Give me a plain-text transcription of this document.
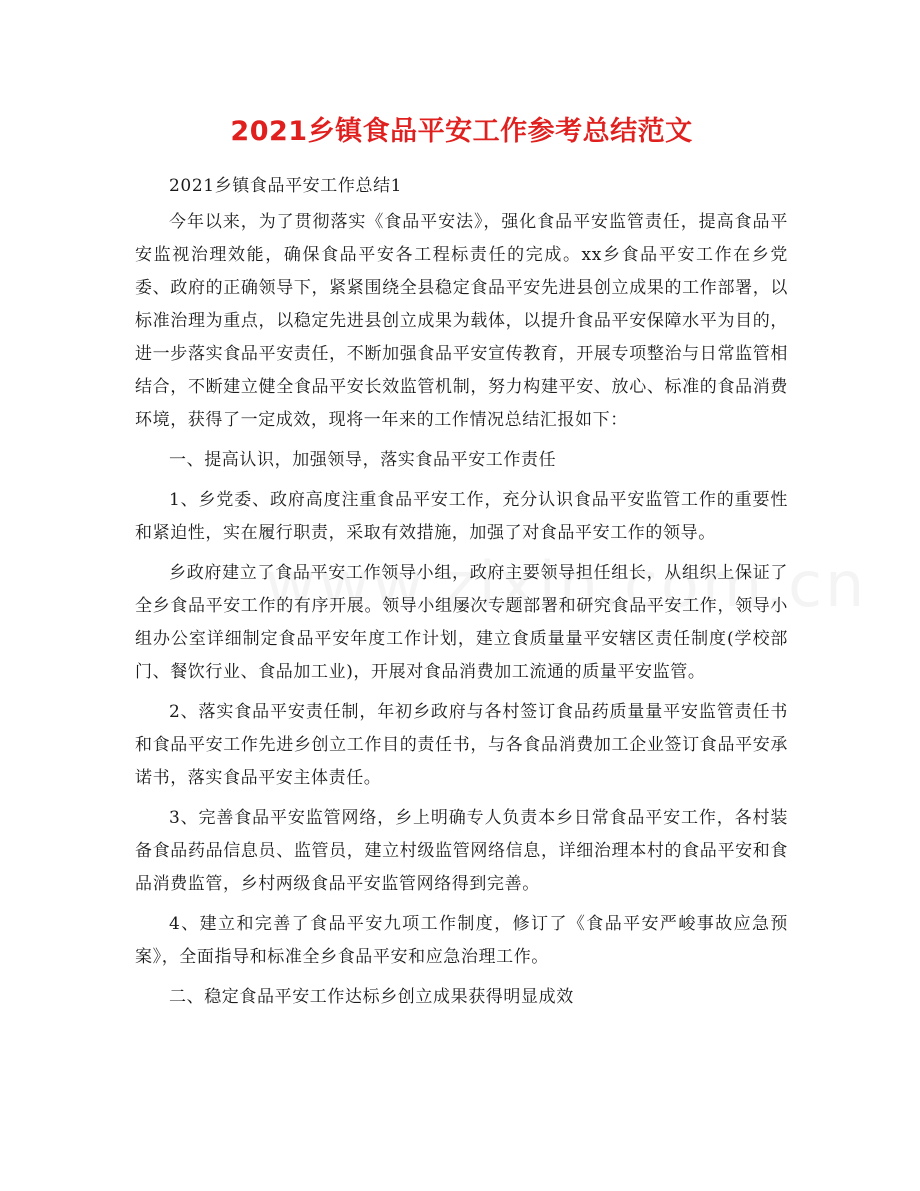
2021乡镇食品平安工作参考总结范文
2021乡镇食品平安工作总结1
今年以来，为了贯彻落实《食品平安法》，强化食品平安监管责任，提高食品平安监视治理效能，确保食品平安各工程标责任的完成。xx乡食品平安工作在乡党委、政府的正确领导下，紧紧围绕全县稳定食品平安先进县创立成果的工作部署，以标准治理为重点，以稳定先进县创立成果为载体，以提升食品平安保障水平为目的，进一步落实食品平安责任，不断加强食品平安宣传教育，开展专项整治与日常监管相结合，不断建立健全食品平安长效监管机制，努力构建平安、放心、标准的食品消费环境，获得了一定成效，现将一年来的工作情况总结汇报如下：
一、提高认识，加强领导，落实食品平安工作责任
1、乡党委、政府高度注重食品平安工作，充分认识食品平安监管工作的重要性和紧迫性，实在履行职责，采取有效措施，加强了对食品平安工作的领导。
乡政府建立了食品平安工作领导小组，政府主要领导担任组长，从组织上保证了全乡食品平安工作的有序开展。领导小组屡次专题部署和研究食品平安工作，领导小组办公室详细制定食品平安年度工作计划，建立食质量量平安辖区责任制度(学校部门、餐饮行业、食品加工业)，开展对食品消费加工流通的质量平安监管。
2、落实食品平安责任制，年初乡政府与各村签订食品药质量量平安监管责任书和食品平安工作先进乡创立工作目的责任书，与各食品消费加工企业签订食品平安承诺书，落实食品平安主体责任。
3、完善食品平安监管网络，乡上明确专人负责本乡日常食品平安工作，各村装备食品药品信息员、监管员，建立村级监管网络信息，详细治理本村的食品平安和食品消费监管，乡村两级食品平安监管网络得到完善。
4、建立和完善了食品平安九项工作制度，修订了《食品平安严峻事故应急预案》，全面指导和标准全乡食品平安和应急治理工作。
二、稳定食品平安工作达标乡创立成果获得明显成效
